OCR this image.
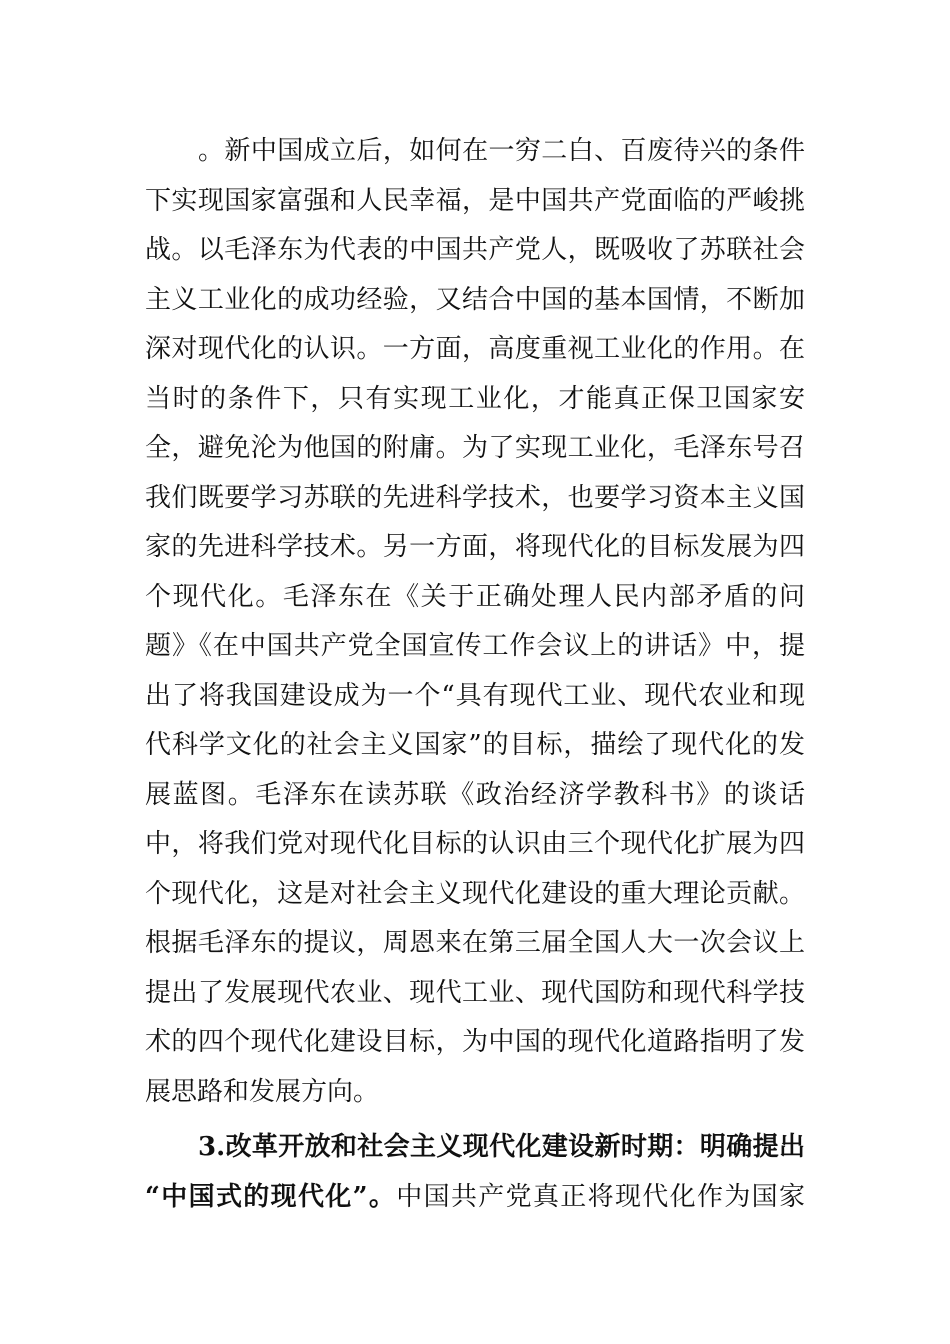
。新中国成立后，如何在一穷二白、百废待兴的条件
下实现国家富强和人民幸福，是中国共产党面临的严峻挑
战。以毛泽东为代表的中国共产党人，既吸收了苏联社会
主义工业化的成功经验，又结合中国的基本国情，不断加
深对现代化的认识。一方面，高度重视工业化的作用。在
当时的条件下，只有实现工业化，才能真正保卫国家安
全，避免沦为他国的附庸。为了实现工业化，毛泽东号召
我们既要学习苏联的先进科学技术，也要学习资本主义国
家的先进科学技术。另一方面，将现代化的目标发展为四
个现代化。毛泽东在《关于正确处理人民内部矛盾的问
题》《在中国共产党全国宣传工作会议上的讲话》中，提
出了将我国建设成为一个“具有现代工业、现代农业和现
代科学文化的社会主义国家”的目标，描绘了现代化的发
展蓝图。毛泽东在读苏联《政治经济学教科书》的谈话
中，将我们党对现代化目标的认识由三个现代化扩展为四
个现代化，这是对社会主义现代化建设的重大理论贡献。
根据毛泽东的提议，周恩来在第三届全国人大一次会议上
提出了发展现代农业、现代工业、现代国防和现代科学技
术的四个现代化建设目标，为中国的现代化道路指明了发
展思路和发展方向。
3.改革开放和社会主义现代化建设新时期：明确提出
“中国式的现代化”。中国共产党真正将现代化作为国家
